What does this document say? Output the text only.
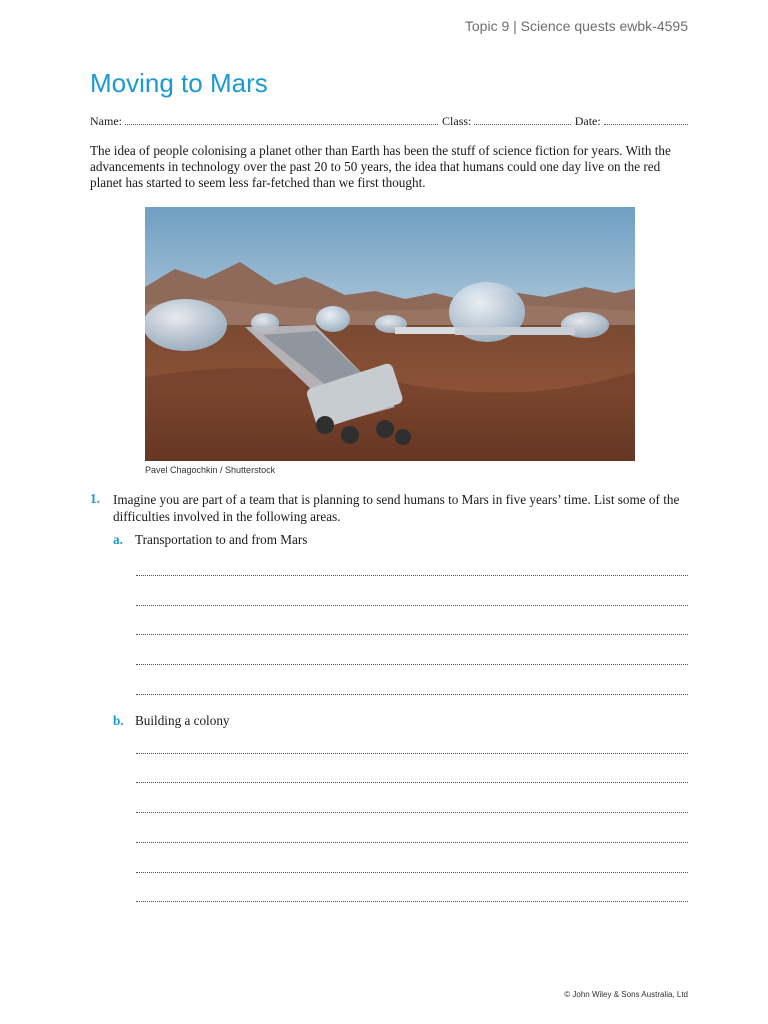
Topic 9 | Science quests ewbk-4595
Moving to Mars
Name:	Class:	Date:

The idea of people colonising a planet other than Earth has been the stuff of science fiction for years. With the advancements in technology over the past 20 to 50 years, the idea that humans could one day live on the red planet has started to seem less far-fetched than we first thought.

Pavel Chagochkin / Shutterstock
1. Imagine you are part of a team that is planning to send humans to Mars in five years’ time. List some of the difficulties involved in the following areas.

a. Transportation to and from Mars
b. Building a colony
© John Wiley & Sons Australia, Ltd
